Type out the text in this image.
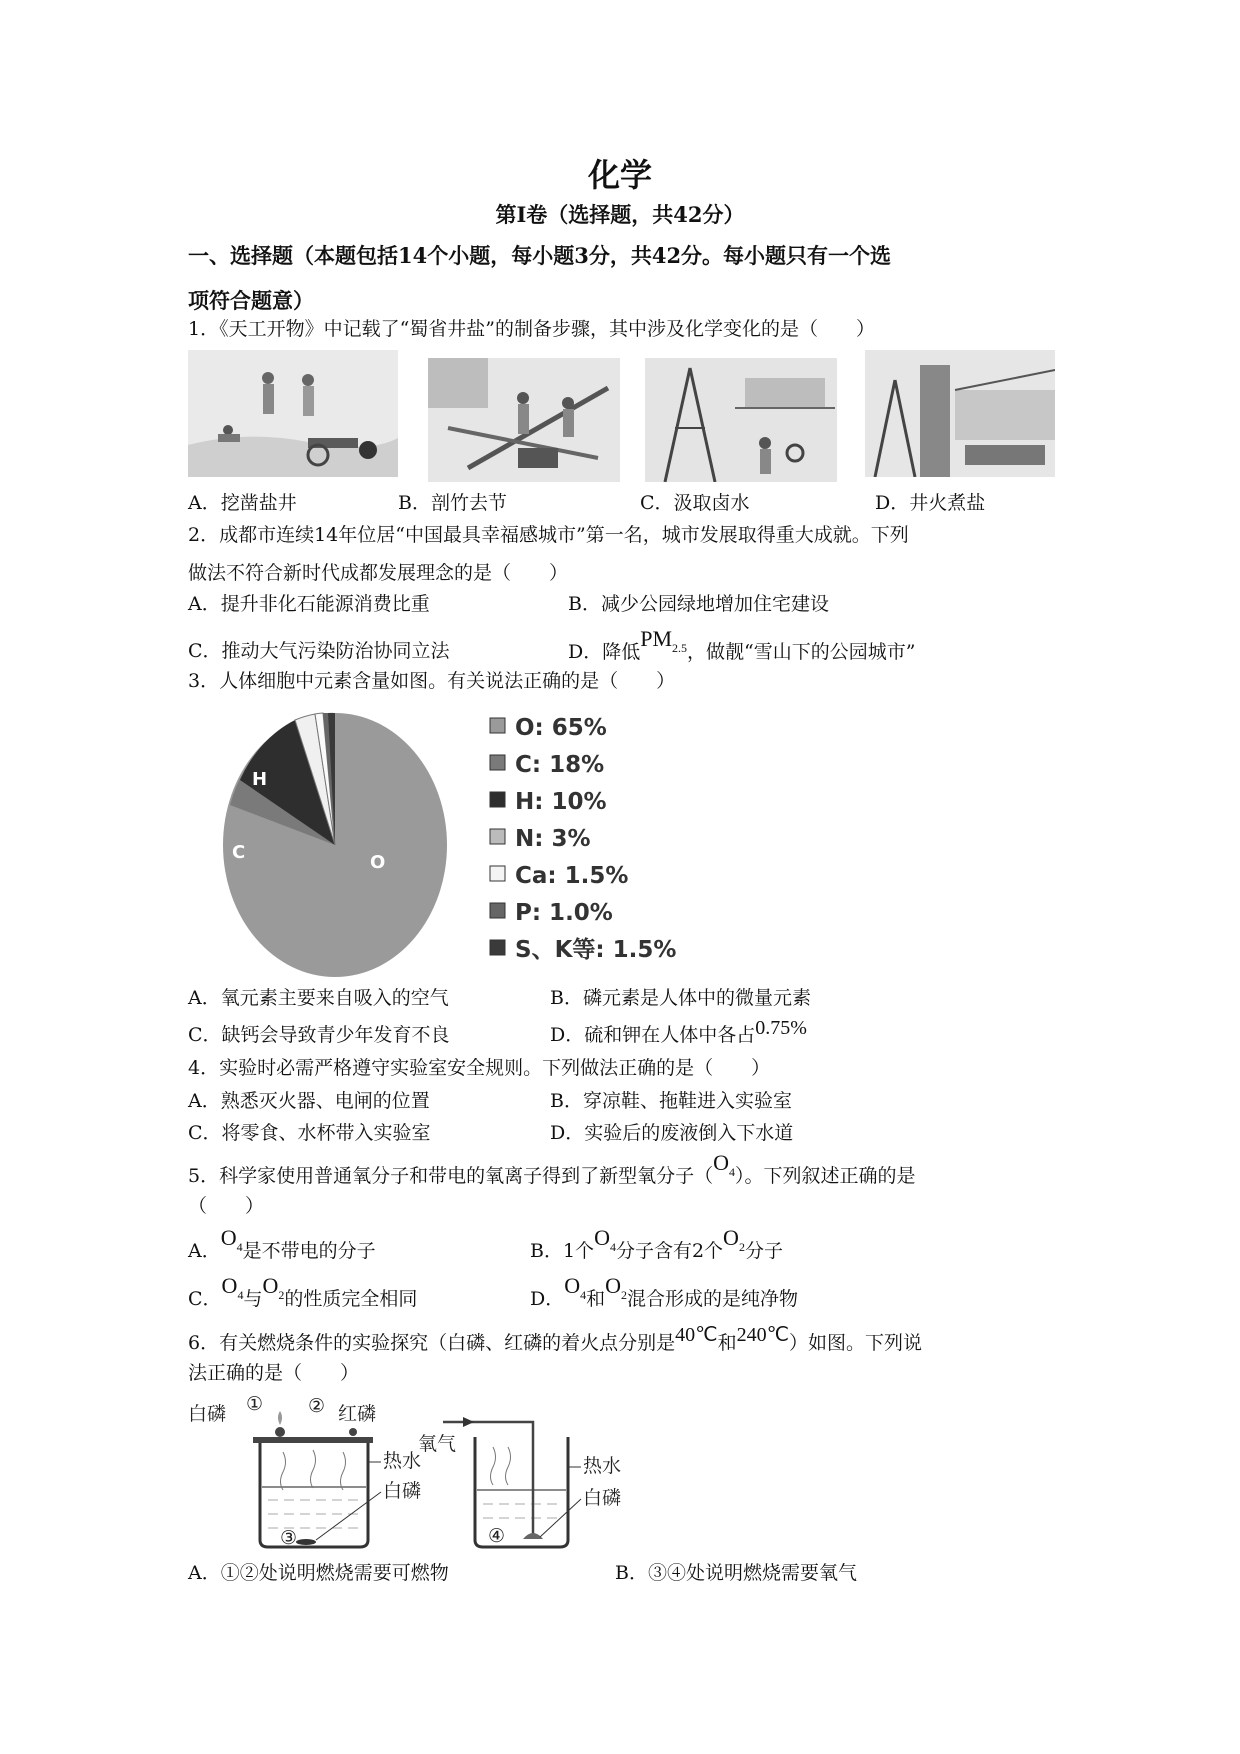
化学
第I卷（选择题，共42分）
一、选择题（本题包括14个小题，每小题3分，共42分。每小题只有一个选
项符合题意）
1．《天工开物》中记载了“蜀省井盐”的制备步骤，其中涉及化学变化的是（　　）
A．挖凿盐井	B．剖竹去节	C．汲取卤水	D．井火煮盐
2．成都市连续14年位居“中国最具幸福感城市”第一名，城市发展取得重大成就。下列
做法不符合新时代成都发展理念的是（　　）
A．提升非化石能源消费比重	B．减少公园绿地增加住宅建设
C．推动大气污染防治协同立法	D．降低$PM_{2.5}$，做靓“雪山下的公园城市”
3．人体细胞中元素含量如图。有关说法正确的是（　　）
H
C	O
O: 65%
C: 18%
H: 10%
N: 3%
Ca: 1.5%
P: 1.0%
S、K等: 1.5%
A．氧元素主要来自吸入的空气	B．磷元素是人体中的微量元素
C．缺钙会导致青少年发育不良	D．硫和钾在人体中各占0.75%
4．实验时必需严格遵守实验室安全规则。下列做法正确的是（　　）
A．熟悉灭火器、电闸的位置	B．穿凉鞋、拖鞋进入实验室
C．将零食、水杯带入实验室	D．实验后的废液倒入下水道
5．科学家使用普通氧分子和带电的氧离子得到了新型氧分子$(O_4)$。下列叙述正确的是
（　　）
A．$O_4$是不带电的分子	B．1个$O_4$分子含有2个$O_2$分子
C．$O_4$与$O_2$的性质完全相同	D．$O_4$和$O_2$混合形成的是纯净物
6．有关燃烧条件的实验探究（白磷、红磷的着火点分别是40℃和240℃）如图。下列说
法正确的是（　　）
白磷 ① ② 红磷
热水
白磷
③
氧气
热水
白磷
④
A．①②处说明燃烧需要可燃物	B．③④处说明燃烧需要氧气
